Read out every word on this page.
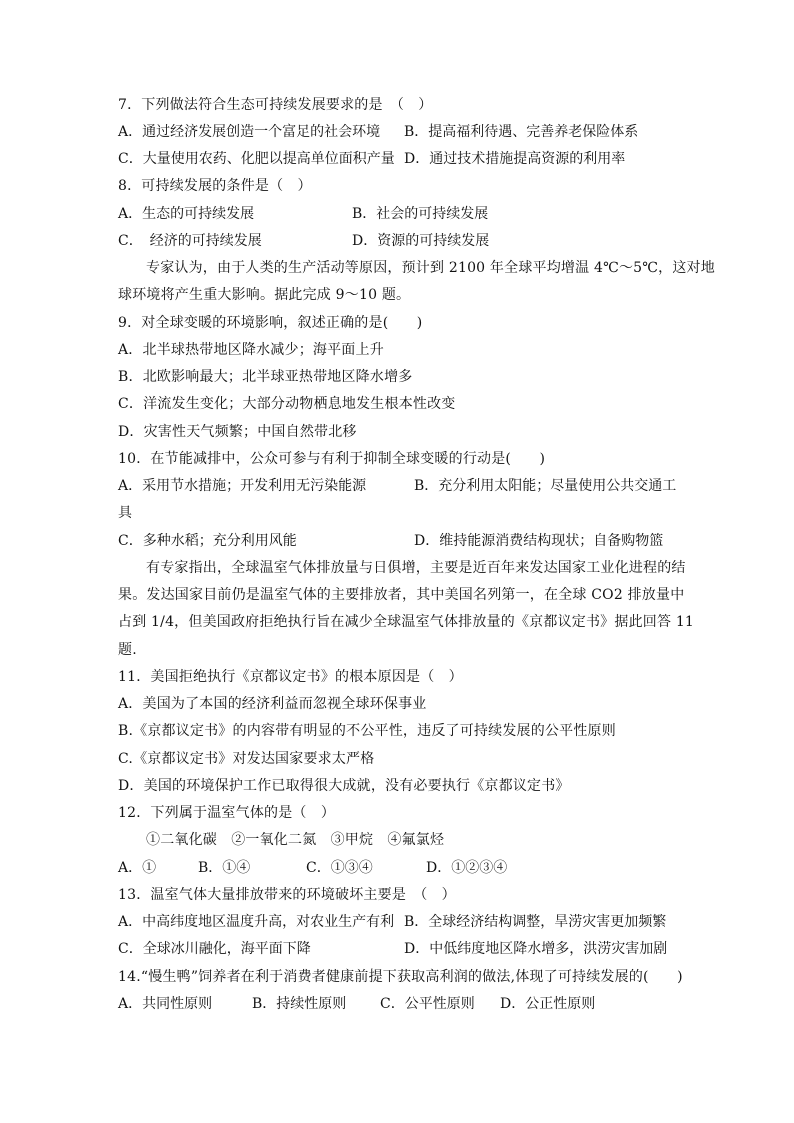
7．下列做法符合生态可持续发展要求的是　（　）
A．通过经济发展创造一个富足的社会环境 B．提高福利待遇、完善养老保险体系
C．大量使用农药、化肥以提高单位面积产量 D．通过技术措施提高资源的利用率
8．可持续发展的条件是（　）
A．生态的可持续发展	B．社会的可持续发展
C．　经济的可持续发展	D．资源的可持续发展
专家认为，由于人类的生产活动等原因，预计到 2100 年全球平均增温 4℃～5℃，这对地
球环境将产生重大影响。据此完成 9～10 题。
9．对全球变暖的环境影响，叙述正确的是(　　)
A．北半球热带地区降水减少；海平面上升
B．北欧影响最大；北半球亚热带地区降水增多
C．洋流发生变化；大部分动物栖息地发生根本性改变
D．灾害性天气频繁；中国自然带北移
10．在节能减排中，公众可参与有利于抑制全球变暖的行动是(　　)
A．采用节水措施；开发利用无污染能源	B．充分利用太阳能；尽量使用公共交通工
具
C．多种水稻；充分利用风能	D．维持能源消费结构现状；自备购物篮
有专家指出，全球温室气体排放量与日俱增，主要是近百年来发达国家工业化进程的结
果。发达国家目前仍是温室气体的主要排放者，其中美国名列第一，在全球 CO2 排放量中
占到 1/4，但美国政府拒绝执行旨在减少全球温室气体排放量的《京都议定书》据此回答 11
题.
11．美国拒绝执行《京都议定书》的根本原因是（　）
A．美国为了本国的经济利益而忽视全球环保事业
B.《京都议定书》的内容带有明显的不公平性，违反了可持续发展的公平性原则
C.《京都议定书》对发达国家要求太严格
D．美国的环境保护工作已取得很大成就，没有必要执行《京都议定书》
12．下列属于温室气体的是（　）
①二氧化碳　②一氧化二氮　③甲烷　④氟氯烃
A．①	B．①④	C．①③④	D．①②③④
13．温室气体大量排放带来的环境破坏主要是　（　）
A．中高纬度地区温度升高，对农业生产有利 B．全球经济结构调整，旱涝灾害更加频繁
C．全球冰川融化，海平面下降	D．中低纬度地区降水增多，洪涝灾害加剧
14.“慢生鸭”饲养者在利于消费者健康前提下获取高利润的做法,体现了可持续发展的(　　)
A．共同性原则	B．持续性原则 C．公平性原则 D．公正性原则
